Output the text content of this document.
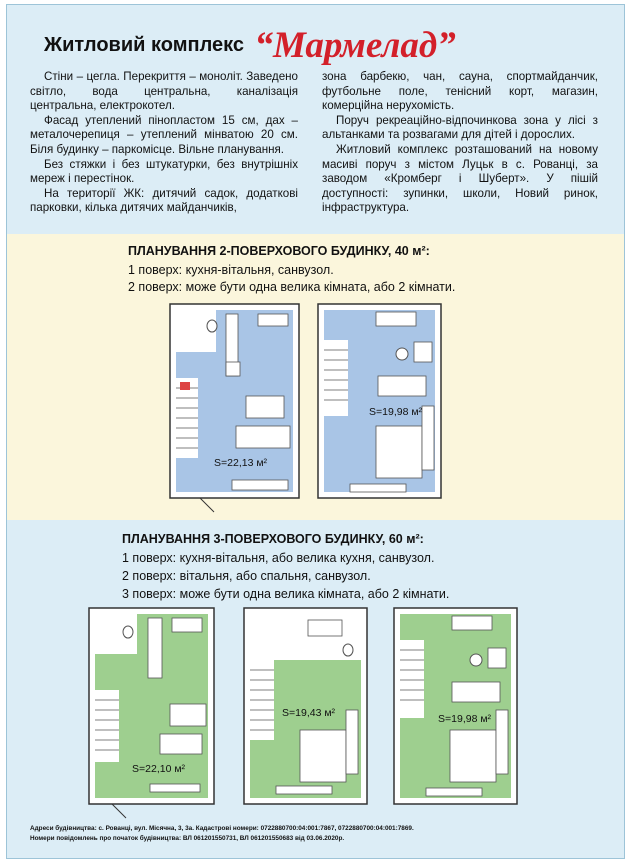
Житловий комплекс “Мармелад”

Стіни – цегла. Перекриття – моноліт. Заведено світло, вода центральна, каналізація центральна, електрокотел.

Фасад утеплений пінопластом 15 см, дах – металочерепиця – утеплений мінватою 20 см. Біля будинку – паркомісце. Вільне планування.

Без стяжки і без штукатурки, без внутрішніх мереж і перестінок.

На території ЖК: дитячий садок, додаткові парковки, кілька дитячих майданчиків,

зона барбекю, чан, сауна, спортмайданчик, футбольне поле, тенісний корт, магазин, комерційна нерухомість.

Поруч рекреаційно-відпочинкова зона у лісі з альтанками та розвагами для дітей і дорослих.

Житловий комплекс розташований на новому масиві поруч з містом Луцьк в с. Рованці, за заводом «Кромберг і Шуберт». У пішій доступності: зупинки, школи, Новий ринок, інфраструктура.

ПЛАНУВАННЯ 2-ПОВЕРХОВОГО БУДИНКУ, 40 м²:
1 поверх: кухня-вітальня, санвузол.
2 поверх: може бути одна велика кімната, або 2 кімнати.
ПЛАНУВАННЯ 3-ПОВЕРХОВОГО БУДИНКУ, 60 м²:
1 поверх: кухня-вітальня, або велика кухня, санвузол.
2 поверх: вітальня, або спальня, санвузол.
3 поверх: може бути одна велика кімната, або 2 кімнати.
S=22,13 м²
S=19,98 м²
S=22,10 м²
S=19,43 м²	S=19,98 м²
Адреси будівництва: с. Рованці, вул. Місячна, 3, 3а. Кадастрові номери: 0722880700:04:001:7867, 0722880700:04:001:7869.
Номери повідомлень про початок будівництва: ВЛ 061201550731, ВЛ 061201550683 від 03.06.2020р.
